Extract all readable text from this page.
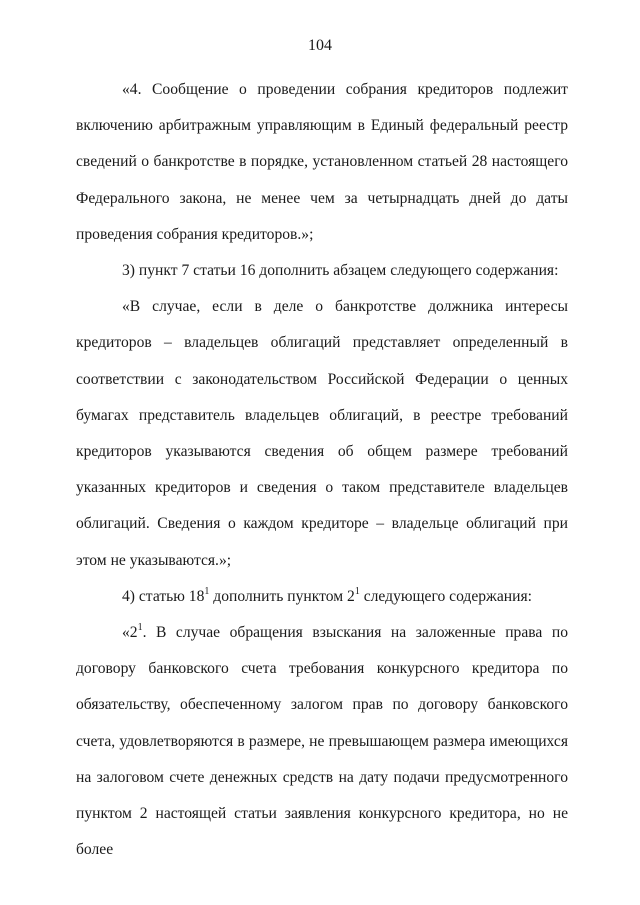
104

«4. Сообщение о проведении собрания кредиторов подлежит включению арбитражным управляющим в Единый федеральный реестр сведений о банкротстве в порядке, установленном статьей 28 настоящего Федерального закона, не менее чем за четырнадцать дней до даты проведения собрания кредиторов.»;

3) пункт 7 статьи 16 дополнить абзацем следующего содержания:

«В случае, если в деле о банкротстве должника интересы кредиторов – владельцев облигаций представляет определенный в соответствии с законодательством Российской Федерации о ценных бумагах представитель владельцев облигаций, в реестре требований кредиторов указываются сведения об общем размере требований указанных кредиторов и сведения о таком представителе владельцев облигаций. Сведения о каждом кредиторе – владельце облигаций при этом не указываются.»;

4) статью $18^1$ дополнить пунктом $2^1$ следующего содержания:

«$2^1$. В случае обращения взыскания на заложенные права по договору банковского счета требования конкурсного кредитора по обязательству, обеспеченному залогом прав по договору банковского счета, удовлетворяются в размере, не превышающем размера имеющихся на залоговом счете денежных средств на дату подачи предусмотренного пунктом 2 настоящей статьи заявления конкурсного кредитора, но не более
